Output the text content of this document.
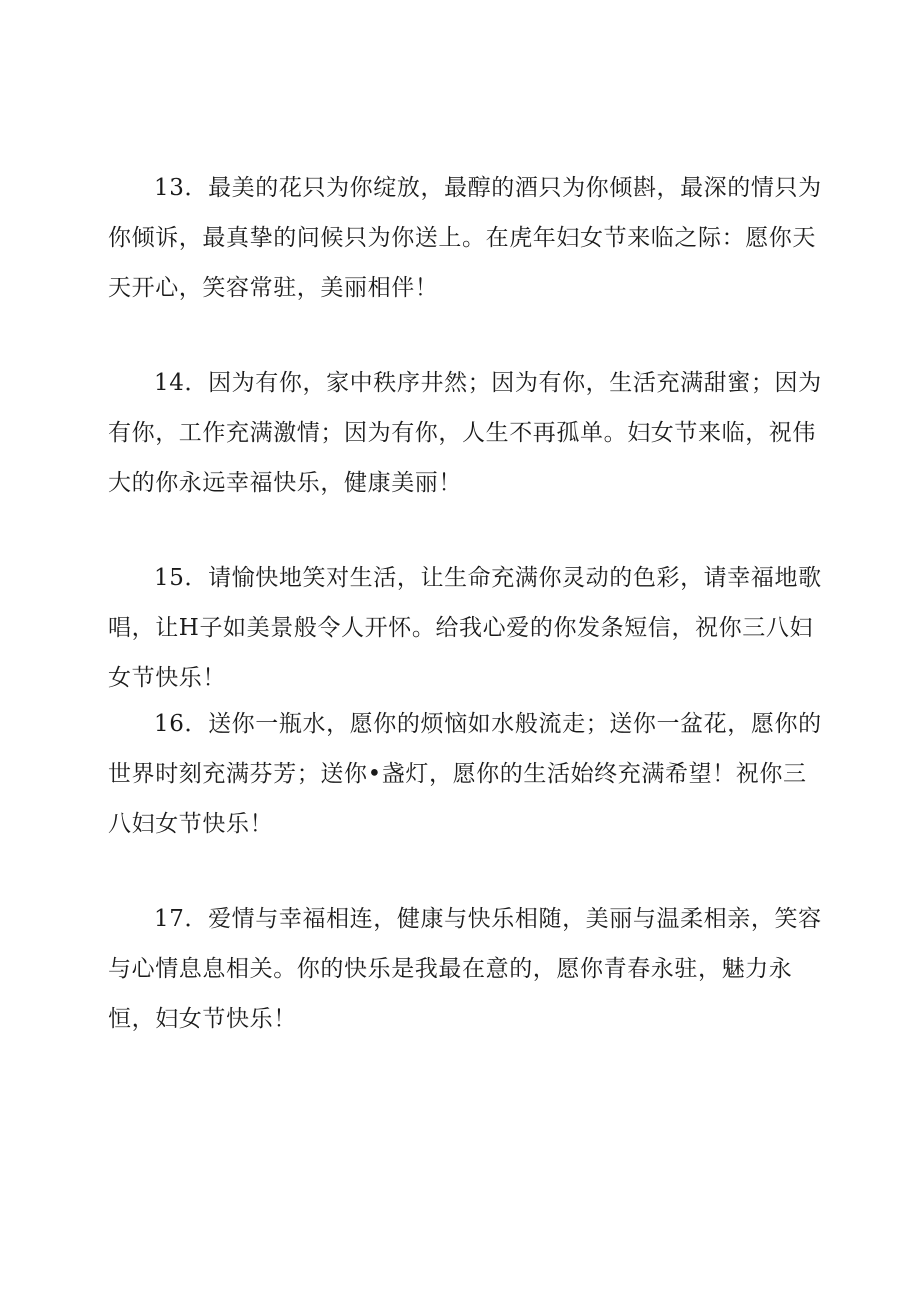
13．最美的花只为你绽放，最醇的酒只为你倾斟，最深的情只为你倾诉，最真挚的问候只为你送上。在虎年妇女节来临之际：愿你天天开心，笑容常驻，美丽相伴！

14．因为有你，家中秩序井然；因为有你，生活充满甜蜜；因为有你，工作充满激情；因为有你，人生不再孤单。妇女节来临，祝伟大的你永远幸福快乐，健康美丽！

15．请愉快地笑对生活，让生命充满你灵动的色彩，请幸福地歌唱，让H子如美景般令人开怀。给我心爱的你发条短信，祝你三八妇女节快乐！

16．送你一瓶水，愿你的烦恼如水般流走；送你一盆花，愿你的世界时刻充满芬芳；送你•盏灯，愿你的生活始终充满希望！祝你三八妇女节快乐！

17．爱情与幸福相连，健康与快乐相随，美丽与温柔相亲，笑容与心情息息相关。你的快乐是我最在意的，愿你青春永驻，魅力永恒，妇女节快乐！
